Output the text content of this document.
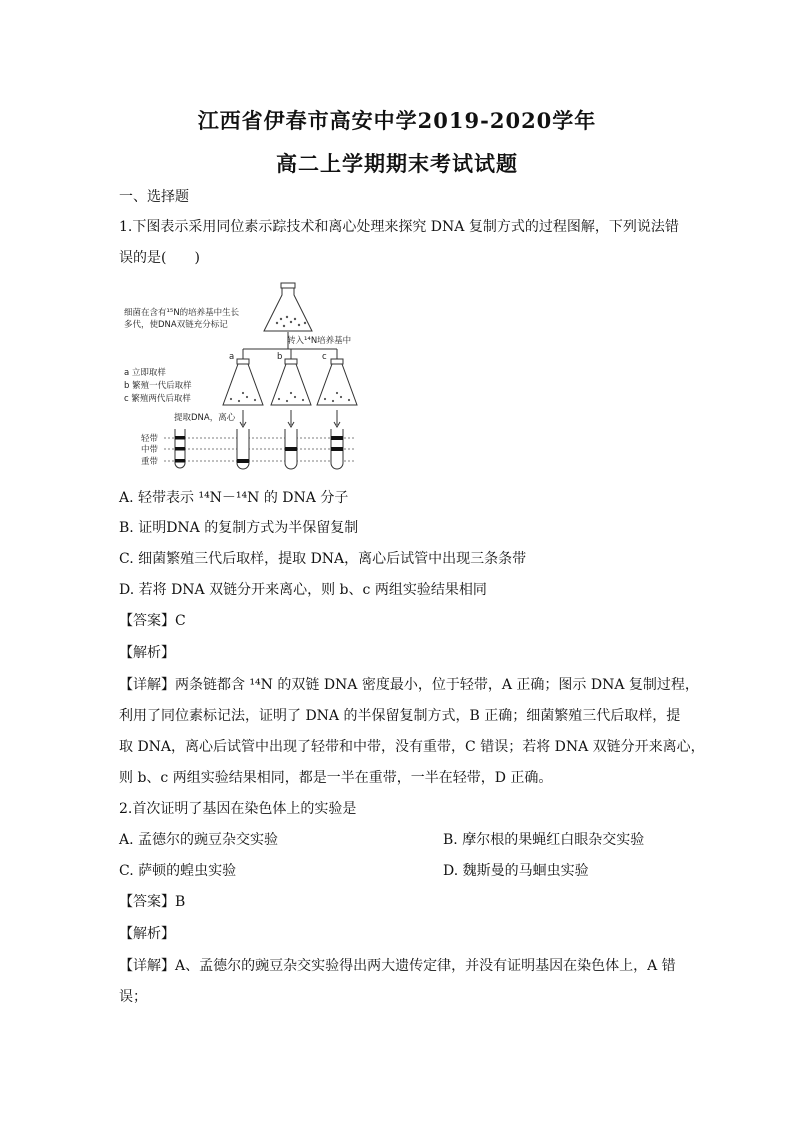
江西省伊春市高安中学2019-2020学年
高二上学期期末考试试题
一、选择题
1.下图表示采用同位素示踪技术和离心处理来探究 DNA 复制方式的过程图解，下列说法错
误的是(　　)
细菌在含有¹⁵N的培养基中生长
多代，使DNA双链充分标记
转入¹⁴N培养基中
a	b	c
a 立即取样
b 繁殖一代后取样
c 繁殖两代后取样
提取DNA，离心
轻带
中带
重带
A. 轻带表示 ¹⁴N－¹⁴N 的 DNA 分子
B. 证明DNA 的复制方式为半保留复制
C. 细菌繁殖三代后取样，提取 DNA，离心后试管中出现三条条带
D. 若将 DNA 双链分开来离心，则 b、c 两组实验结果相同
【答案】C
【解析】
【详解】两条链都含 ¹⁴N 的双链 DNA 密度最小，位于轻带，A 正确；图示 DNA 复制过程，
利用了同位素标记法，证明了 DNA 的半保留复制方式，B 正确；细菌繁殖三代后取样，提
取 DNA，离心后试管中出现了轻带和中带，没有重带，C 错误；若将 DNA 双链分开来离心，
则 b、c 两组实验结果相同，都是一半在重带，一半在轻带，D 正确。
2.首次证明了基因在染色体上的实验是
A. 孟德尔的豌豆杂交实验	B. 摩尔根的果蝇红白眼杂交实验
C. 萨顿的蝗虫实验	D. 魏斯曼的马蛔虫实验
【答案】B
【解析】
【详解】A、孟德尔的豌豆杂交实验得出两大遗传定律，并没有证明基因在染色体上，A 错
误；
